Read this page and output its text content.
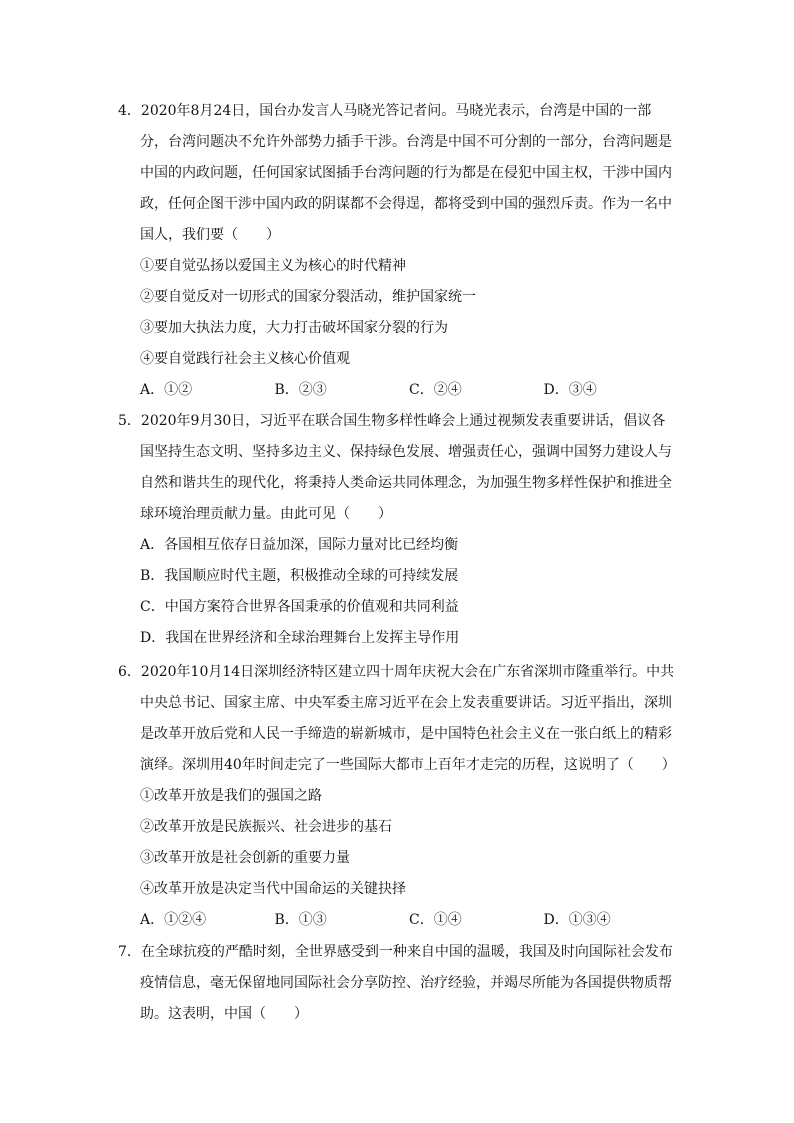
4．2020年8月24日，国台办发言人马晓光答记者问。马晓光表示，台湾是中国的一部分，台湾问题决不允许外部势力插手干涉。台湾是中国不可分割的一部分，台湾问题是中国的内政问题，任何国家试图插手台湾问题的行为都是在侵犯中国主权，干涉中国内政，任何企图干涉中国内政的阴谋都不会得逞，都将受到中国的强烈斥责。作为一名中国人，我们要（　　）

①要自觉弘扬以爱国主义为核心的时代精神

②要自觉反对一切形式的国家分裂活动，维护国家统一

③要加大执法力度，大力打击破坏国家分裂的行为

④要自觉践行社会主义核心价值观

A．①②	B．②③	C．②④	D．③④

5．2020年9月30日，习近平在联合国生物多样性峰会上通过视频发表重要讲话，倡议各国坚持生态文明、坚持多边主义、保持绿色发展、增强责任心，强调中国努力建设人与自然和谐共生的现代化，将秉持人类命运共同体理念，为加强生物多样性保护和推进全球环境治理贡献力量。由此可见（　　）

A．各国相互依存日益加深，国际力量对比已经均衡

B．我国顺应时代主题，积极推动全球的可持续发展

C．中国方案符合世界各国秉承的价值观和共同利益

D．我国在世界经济和全球治理舞台上发挥主导作用

6．2020年10月14日深圳经济特区建立四十周年庆祝大会在广东省深圳市隆重举行。中共中央总书记、国家主席、中央军委主席习近平在会上发表重要讲话。习近平指出，深圳是改革开放后党和人民一手缔造的崭新城市，是中国特色社会主义在一张白纸上的精彩演绎。深圳用40年时间走完了一些国际大都市上百年才走完的历程，这说明了（　　）

①改革开放是我们的强国之路

②改革开放是民族振兴、社会进步的基石

③改革开放是社会创新的重要力量

④改革开放是决定当代中国命运的关键抉择

A．①②④	B．①③	C．①④	D．①③④

7．在全球抗疫的严酷时刻，全世界感受到一种来自中国的温暖，我国及时向国际社会发布疫情信息，毫无保留地同国际社会分享防控、治疗经验，并竭尽所能为各国提供物质帮助。这表明，中国（　　）
